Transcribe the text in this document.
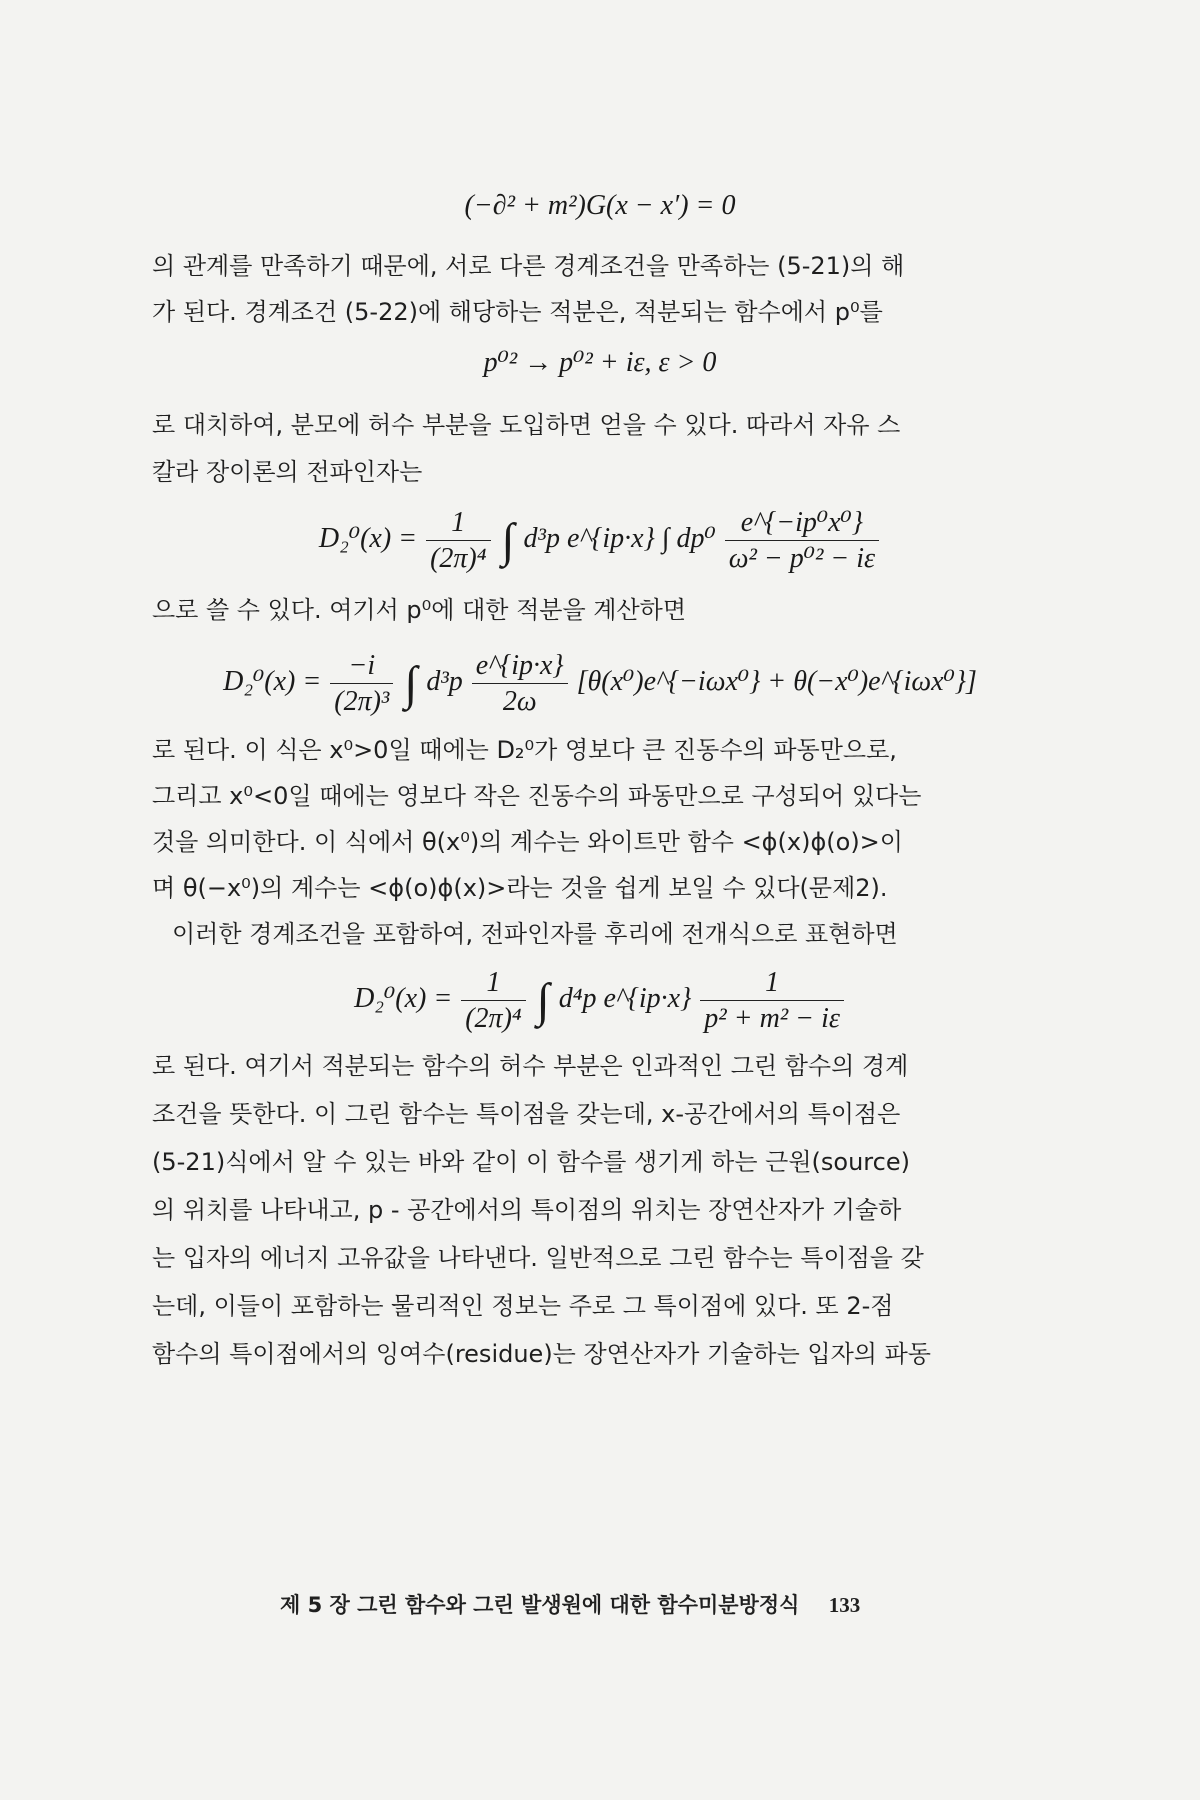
(−∂² + m²)G(x − x′) = 0
의 관계를 만족하기 때문에, 서로 다른 경계조건을 만족하는 (5-21)의 해
가 된다. 경계조건 (5-22)에 해당하는 적분은, 적분되는 함수에서 p⁰를
p⁰² → p⁰² + iε, ε > 0
로 대치하여, 분모에 허수 부분을 도입하면 얻을 수 있다. 따라서 자유 스
칼라 장이론의 전파인자는
$D_2^0(x) = \frac{1}{\text{(2π)⁴}}$ ∫ d³p e^{ip·x} ∫ $dp^0 \frac{\text{e\textasciicircum{}\{−ip⁰x⁰\}}}{\text{ω² − p⁰² − iε}}$
으로 쓸 수 있다. 여기서 p⁰에 대한 적분을 계산하면
$D_2^0(x) = \frac{-i}{\text{(2π)³}}$ ∫ $d^3p \frac{e\^{}\{ip\cdot x\}}{2\omega}$ [θ(x⁰)e^{−iωx⁰} + θ(−x⁰)e^{iωx⁰}]
로 된다. 이 식은 x⁰>0일 때에는 D₂⁰가 영보다 큰 진동수의 파동만으로,
그리고 x⁰<0일 때에는 영보다 작은 진동수의 파동만으로 구성되어 있다는
것을 의미한다. 이 식에서 θ(x⁰)의 계수는 와이트만 함수 <ϕ(x)ϕ(o)>이
며 θ(−x⁰)의 계수는 <ϕ(o)ϕ(x)>라는 것을 쉽게 보일 수 있다(문제2).
이러한 경계조건을 포함하여, 전파인자를 후리에 전개식으로 표현하면
$D_2^0(x) = \frac{1}{\text{(2π)⁴}}$ ∫ d⁴p e^{ip·x} $\frac{1}{\text{p² + m² − iε}}$
로 된다. 여기서 적분되는 함수의 허수 부분은 인과적인 그린 함수의 경계
조건을 뜻한다. 이 그린 함수는 특이점을 갖는데, x-공간에서의 특이점은
(5-21)식에서 알 수 있는 바와 같이 이 함수를 생기게 하는 근원(source)
의 위치를 나타내고, p - 공간에서의 특이점의 위치는 장연산자가 기술하
는 입자의 에너지 고유값을 나타낸다. 일반적으로 그린 함수는 특이점을 갖
는데, 이들이 포함하는 물리적인 정보는 주로 그 특이점에 있다. 또 2-점
함수의 특이점에서의 잉여수(residue)는 장연산자가 기술하는 입자의 파동
제 5 장 그린 함수와 그린 발생원에 대한 함수미분방정식 133
